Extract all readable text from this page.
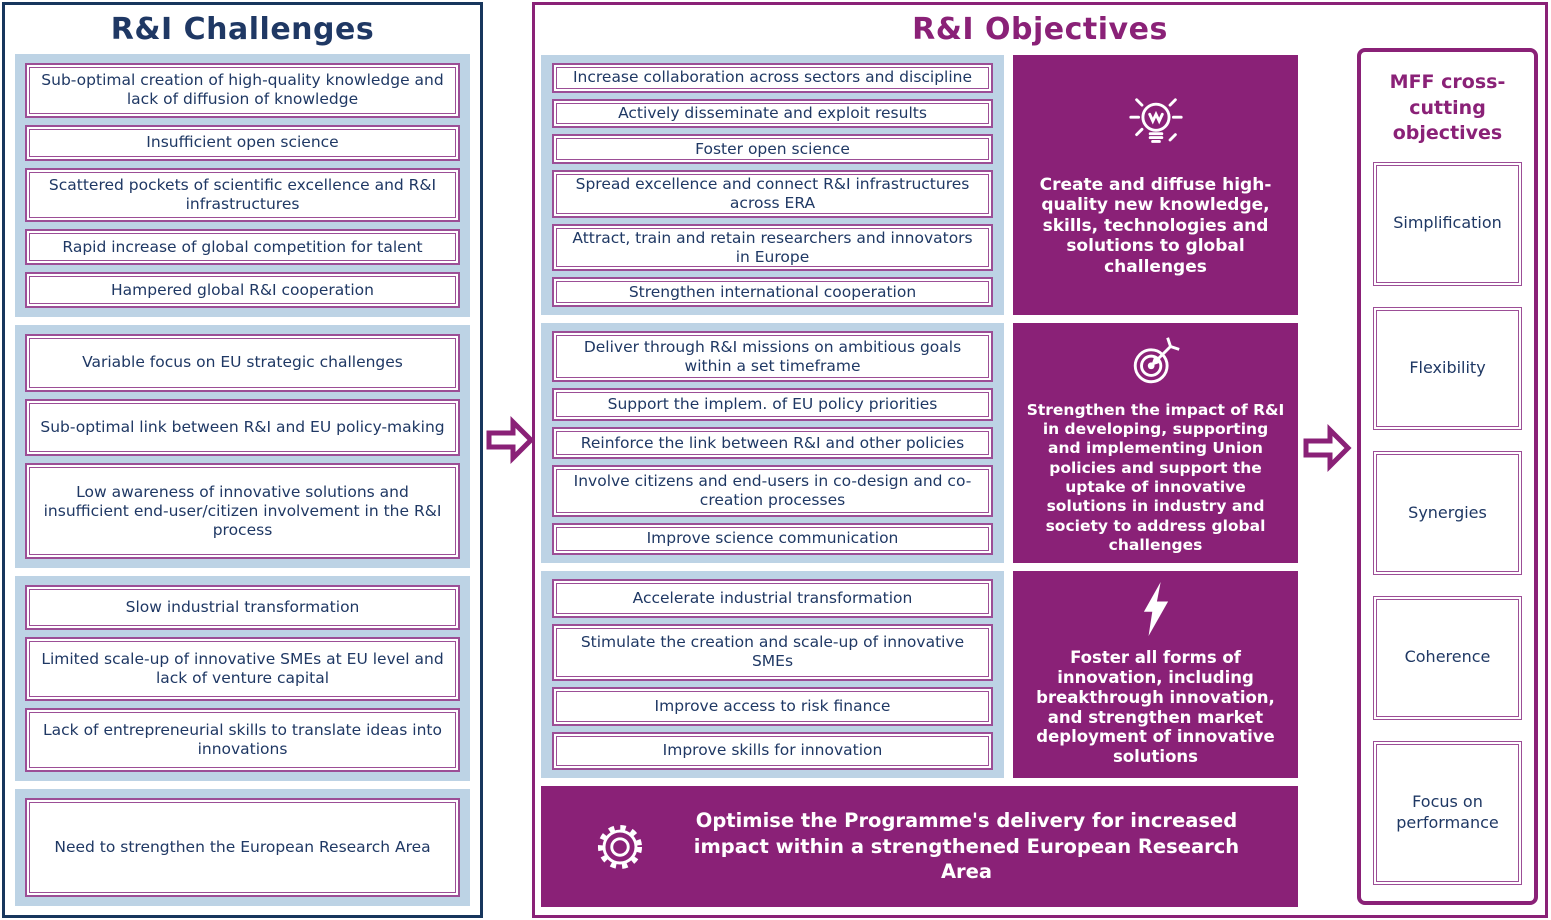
R&I Challenges
Sub-optimal creation of high-quality knowledge and lack of diffusion of knowledge
Insufficient open science
Scattered pockets of scientific excellence and R&I infrastructures
Rapid increase of global competition for talent
Hampered global R&I cooperation
Variable focus on EU strategic challenges
Sub-optimal link between R&I and EU policy-making
Low awareness of innovative solutions and insufficient end-user/citizen involvement in the R&I process
Slow industrial transformation
Limited scale-up of innovative SMEs at EU level and lack of venture capital
Lack of entrepreneurial skills to translate ideas into innovations
Need to strengthen the European Research Area
R&I Objectives
Increase collaboration across sectors and discipline
Actively disseminate and exploit results
Foster open science
Spread excellence and connect R&I infrastructures across ERA
Attract, train and retain researchers and innovators in Europe
Strengthen international cooperation
Create and diffuse high-quality new knowledge, skills, technologies and solutions to global challenges
Deliver through R&I missions on ambitious goals within a set timeframe
Support the implem. of EU policy priorities
Reinforce the link between R&I and other policies
Involve citizens and end-users in co-design and co-creation processes
Improve science communication
Strengthen the impact of R&I in developing, supporting and implementing Union policies and support the uptake of innovative solutions in industry and society to address global challenges
Accelerate industrial transformation
Stimulate the creation and scale-up of innovative SMEs
Improve access to risk finance
Improve skills for innovation
Foster all forms of innovation, including breakthrough innovation, and strengthen market deployment of innovative solutions
Optimise the Programme's delivery for increased impact within a strengthened European Research Area
MFF cross-cutting objectives
Simplification
Flexibility
Synergies
Coherence
Focus on performance
